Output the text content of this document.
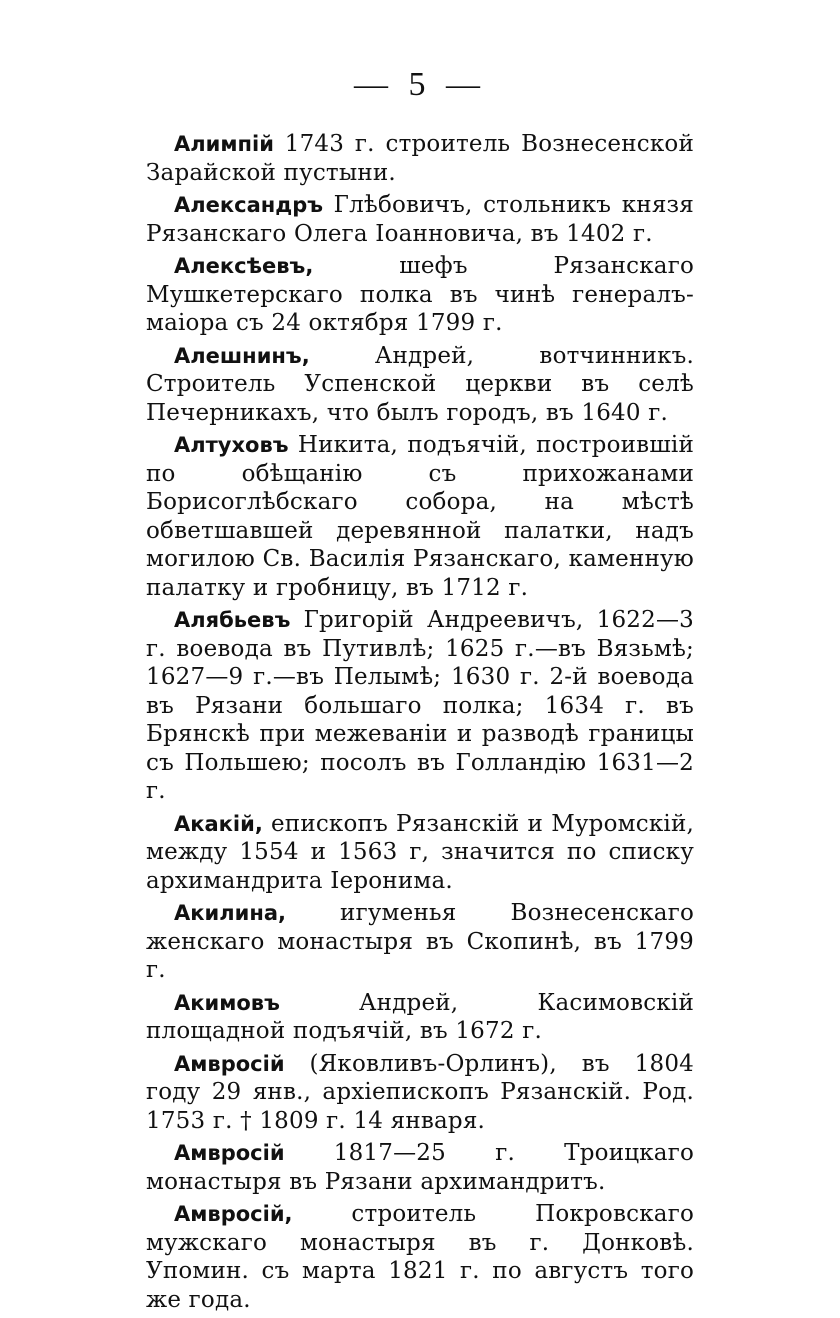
— 5 —

Алимпій 1743 г. строитель Вознесенской Зарайской пустыни.

Александръ Глѣбовичъ, стольникъ князя Рязанскаго Олега Іоанновича, въ 1402 г.

Алексѣевъ, шефъ Рязанскаго Мушкетерскаго полка въ чинѣ генералъ-маіора съ 24 октября 1799 г.

Алешнинъ, Андрей, вотчинникъ. Строитель Успенской церкви въ селѣ Печерникахъ, что былъ городъ, въ 1640 г.

Алтуховъ Никита, подъячій, построившій по обѣщанію съ прихожанами Борисоглѣбскаго собора, на мѣстѣ обветшавшей деревянной палатки, надъ могилою Св. Василія Рязанскаго, каменную палатку и гробницу, въ 1712 г.

Алябьевъ Григорій Андреевичъ, 1622—3 г. воевода въ Путивлѣ; 1625 г.—въ Вязьмѣ; 1627—9 г.—въ Пелымѣ; 1630 г. 2-й воевода въ Рязани большаго полка; 1634 г. въ Брянскѣ при межеваніи и разводѣ границы съ Польшею; посолъ въ Голландію 1631—2 г.

Акакій, епископъ Рязанскій и Муромскій, между 1554 и 1563 г, значится по списку архимандрита Іеронима.

Акилина, игуменья Вознесенскаго женскаго монастыря въ Скопинѣ, въ 1799 г.

Акимовъ Андрей, Касимовскій площадной подъячій, въ 1672 г.

Амвросій (Яковливъ-Орлинъ), въ 1804 году 29 янв., архіепископъ Рязанскій. Род. 1753 г. † 1809 г. 14 января.

Амвросій 1817—25 г. Троицкаго монастыря въ Рязани архимандритъ.

Амвросій, строитель Покровскаго мужскаго монастыря въ г. Донковѣ. Упомин. съ марта 1821 г. по августъ того же года.
